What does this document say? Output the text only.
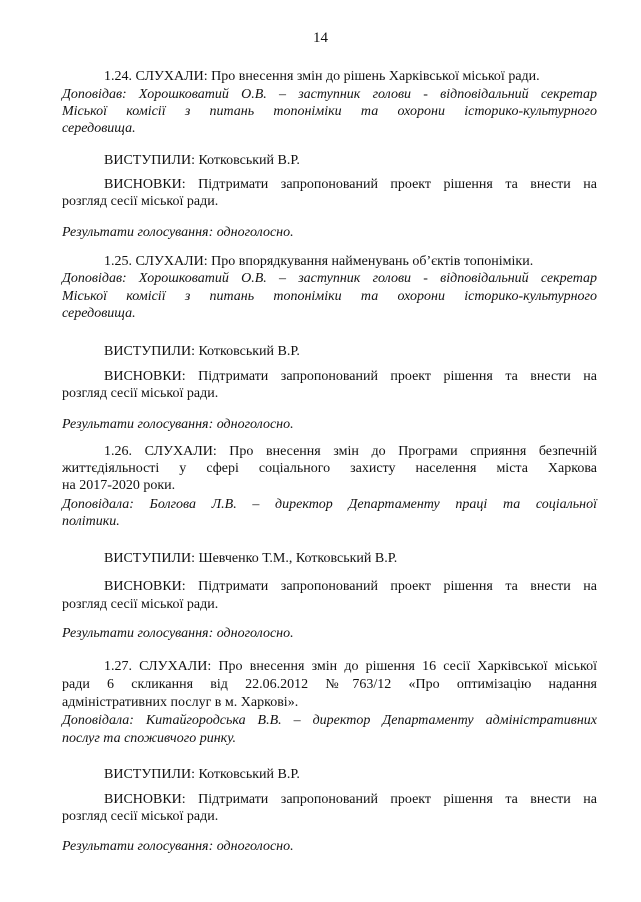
14
1.24. СЛУХАЛИ: Про внесення змін до рішень Харківської міської ради.
Доповідав: Хорошковатий О.В. – заступник голови - відповідальний секретар
Міської комісії з питань топоніміки та охорони історико-культурного
середовища.
ВИСТУПИЛИ: Котковський В.Р.
ВИСНОВКИ: Підтримати запропонований проект рішення та внести на
розгляд сесії міської ради.
Результати голосування: одноголосно.
1.25. СЛУХАЛИ: Про впорядкування найменувань об’єктів топоніміки.
Доповідав: Хорошковатий О.В. – заступник голови - відповідальний секретар
Міської комісії з питань топоніміки та охорони історико-культурного
середовища.
ВИСТУПИЛИ: Котковський В.Р.
ВИСНОВКИ: Підтримати запропонований проект рішення та внести на
розгляд сесії міської ради.
Результати голосування: одноголосно.
1.26. СЛУХАЛИ: Про внесення змін до Програми сприяння безпечній
життєдіяльності у сфері соціального захисту населення міста Харкова
на 2017-2020 роки.
Доповідала: Болгова Л.В. – директор Департаменту праці та соціальної
політики.
ВИСТУПИЛИ: Шевченко Т.М., Котковський В.Р.
ВИСНОВКИ: Підтримати запропонований проект рішення та внести на
розгляд сесії міської ради.
Результати голосування: одноголосно.
1.27. СЛУХАЛИ: Про внесення змін до рішення 16 сесії Харківської міської
ради 6 скликання від 22.06.2012 №763/12 «Про оптимізацію надання
адміністративних послуг в м. Харкові».
Доповідала: Китайгородська В.В. – директор Департаменту адміністративних
послуг та споживчого ринку.
ВИСТУПИЛИ: Котковський В.Р.
ВИСНОВКИ: Підтримати запропонований проект рішення та внести на
розгляд сесії міської ради.
Результати голосування: одноголосно.
